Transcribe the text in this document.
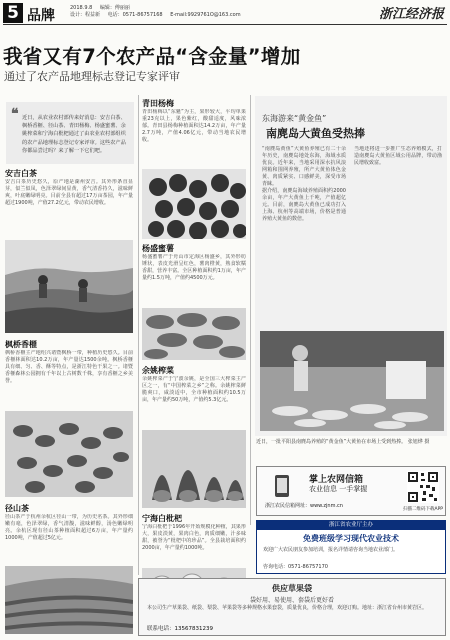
5 品牌	2018.9.8 编辑：傅丽丽
设计：程益新 电话：0571-86757168 E-mail:9929761O@163.com	浙江经济报
我省又有7个农产品“含金量”增加
通过了农产品地理标志登记专家评审
❝ 近日，从农业农村部传来好消息：安吉白茶、枫桥香榧、径山茶、青田杨梅、杨盛蜜薯、余姚榨菜和宁海白枇杷通过了由农业农村部组织的农产品地理标志登记专家评审。这些农产品你都品尝过吗？来了解一下它们吧。
安吉白茶
安吉白茶历史悠久，原产地是湖州安吉。其外形条直显芽，似兰似凤，色泽翠绿间显黄，香气清香持久，滋味鲜爽，叶底嫩绿明亮。目前全县有超过17万亩茶园，年产量超过1900吨，产值27.2亿元，带动农民增收。
枫桥香榧
枫桥香榧主产地绍兴诸暨枫桥一带，种植历史悠久。目前香榧林面积达10.2万亩，年产量达1500余吨。枫桥香榧具有细、匀、香、酥等特点，是浙江特色干果之一。诸暨香榧森林公园拥有千年以上古树数千株，享有香榧之乡美誉。
径山茶
径山茶产于杭州余杭区径山一带，为历史名茶。其外形细嫩有毫，色泽翠绿，香气清馥，滋味鲜醇，汤色嫩绿明亮。余杭区现有径山茶种植面积超过6万亩，年产量约1000吨，产值超过5亿元。
青田杨梅
青田杨梅以“东魁”为主，果形较大，平均单果重23克以上，果色紫红，酸甜适度，风味浓郁。青田县杨梅种植面积达14.2万亩，年产量2.7万吨，产值4.06亿元，带动当地农民增收。
杨盛蜜薯
杨盛蜜薯产于舟山市定海区杨盛乡，其外形纺锤状，表皮光滑呈红色，薯肉橙黄，熟食软糯香甜，营养丰富。全区种植面积约1万亩，年产量约1.5万吨，产值约4500万元。
余姚榨菜
余姚榨菜产于宁波余姚，是全国三大榨菜主产区之一，有“中国榨菜之乡”之称。余姚榨菜鲜脆爽口，咸淡适中，全市种植面积约10.5万亩，年产量约50万吨，产值约5.3亿元。
宁海白枇杷
宁海白枇杷于1996年开始规模化种植，其果形大，果皮淡黄，果肉白色，肉质细嫩，汁多味甜，被誉为“枇杷中的珍品”。全县栽培面积约2000亩，年产量约1000吨。
东海游来“黄金鱼”
南麂岛大黄鱼受热捧

“南麂岛黄鱼”大黄鱼养殖已有二十余年历史，南麂岛地处东海，海域水质优良。近年来，当地采用深水抗风浪网箱和围网养殖，所产大黄鱼体色金黄、肉质紧实、口感鲜美，深受市场青睐。

据介绍，南麂岛海域养殖面积约2000余亩，年产大黄鱼上千吨，产值超亿元。目前，南麂岛大黄鱼已成功打入上海、杭州等高端市场，价格是普通养殖大黄鱼的数倍。

当地还将进一步推广生态养殖模式，打造南麂岛大黄鱼区域公用品牌，带动渔民增收致富。

近日，一批平阳县南麂岛养殖的“黄金鱼”大黄鱼在市场上受到热捧。 张旭烨 摄
掌上农网信箱
农业信息 一手掌握
浙江农民信箱网址：www.zjnm.cn
扫描二维码下载APP
浙江省农业厅主办
免费班级学习现代农业技术
欢迎广大农民朋友参加培训，报名详情请咨询当地农业部门。
咨询电话：0571-86757170
供应草果袋
袋好用、易使用、套袋后更好看
本公司生产草果袋、纸袋、梨袋、苹果袋等多种规格水果套袋，质量优良，价格合理，欢迎订购。地址：浙江省台州市黄岩区。
联系电话：13567831239
